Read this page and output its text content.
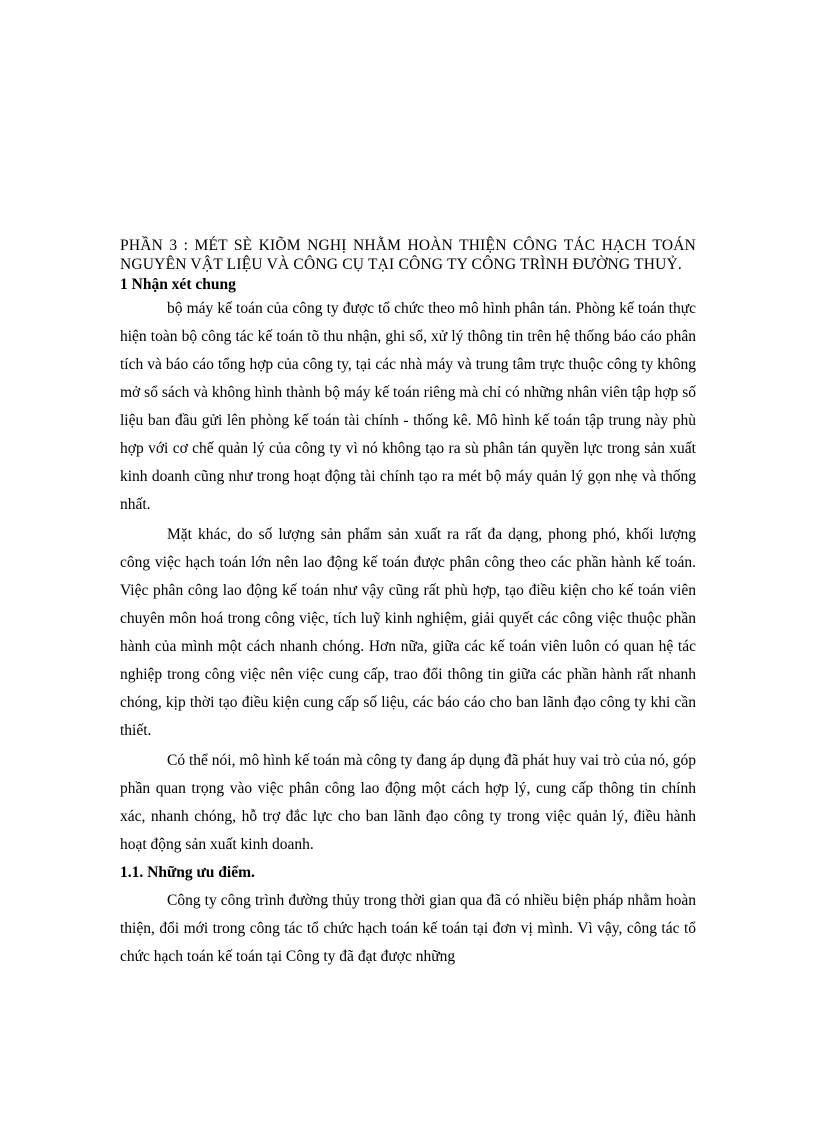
PHẦN 3 : MÉT SÈ KIÕM NGHỊ NHẰM HOÀN THIỆN CÔNG TÁC HẠCH TOÁN NGUYÊN VẬT LIỆU VÀ CÔNG CỤ TẠI CÔNG TY CÔNG TRÌNH ĐƯỜNG THUỶ.

1 Nhận xét chung

bộ máy kế toán của công ty được tổ chức theo mô hình phân tán. Phòng kế toán thực hiện toàn bộ công tác kế toán tõ thu nhận, ghi sổ, xử lý thông tin trên hệ thống báo cáo phân tích và báo cáo tổng hợp của công ty, tại các nhà máy và trung tâm trực thuộc công ty không mở sổ sách và không hình thành bộ máy kế toán riêng mà chỉ có những nhân viên tập hợp số liệu ban đầu gửi lên phòng kế toán tài chính - thống kê. Mô hình kế toán tập trung này phù hợp với cơ chế quản lý của công ty vì nó không tạo ra sù phân tán quyền lực trong sản xuất kinh doanh cũng như trong hoạt động tài chính tạo ra mét bộ máy quản lý gọn nhẹ và thống nhất.

Mặt khác, do số lượng sản phẩm sản xuất ra rất đa dạng, phong phó, khối lượng công việc hạch toán lớn nên lao động kế toán được phân công theo các phần hành kế toán. Việc phân công lao động kế toán như vậy cũng rất phù hợp, tạo điều kiện cho kế toán viên chuyên môn hoá trong công việc, tích luỹ kinh nghiệm, giải quyết các công việc thuộc phần hành của mình một cách nhanh chóng. Hơn nữa, giữa các kế toán viên luôn có quan hệ tác nghiệp trong công việc nên việc cung cấp, trao đổi thông tin giữa các phần hành rất nhanh chóng, kịp thời tạo điều kiện cung cấp số liệu, các báo cáo cho ban lãnh đạo công ty khi cần thiết.

Có thể nói, mô hình kế toán mà công ty đang áp dụng đã phát huy vai trò của nó, góp phần quan trọng vào việc phân công lao động một cách hợp lý, cung cấp thông tin chính xác, nhanh chóng, hỗ trợ đắc lực cho ban lãnh đạo công ty trong việc quản lý, điều hành hoạt động sản xuất kinh doanh.

1.1. Những ưu điểm.

Công ty công trình đường thủy trong thời gian qua đã có nhiều biện pháp nhằm hoàn thiện, đổi mới trong công tác tổ chức hạch toán kế toán tại đơn vị mình. Vì vậy, công tác tổ chức hạch toán kế toán tại Công ty đã đạt được những
